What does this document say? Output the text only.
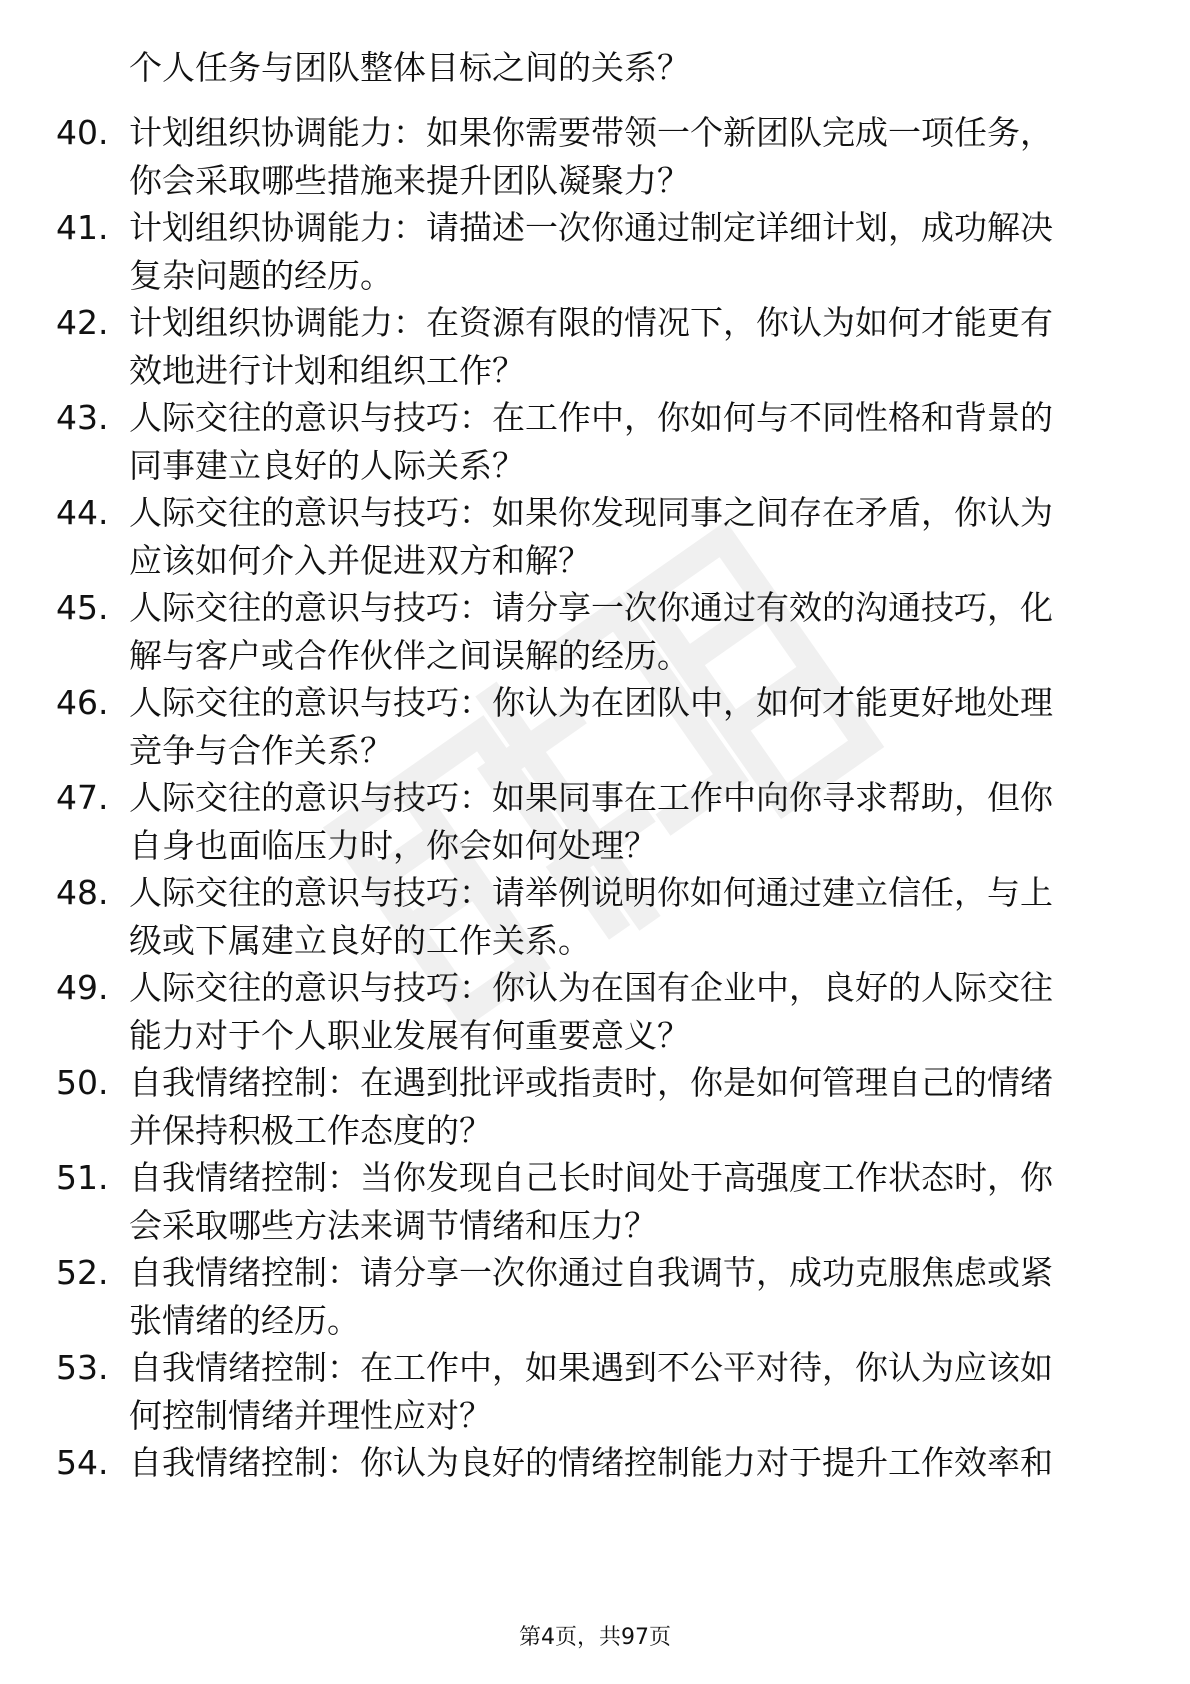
个人任务与团队整体目标之间的关系？
40. 计划组织协调能力：如果你需要带领一个新团队完成一项任务，
你会采取哪些措施来提升团队凝聚力？
41. 计划组织协调能力：请描述一次你通过制定详细计划，成功解决
复杂问题的经历。
42. 计划组织协调能力：在资源有限的情况下，你认为如何才能更有
效地进行计划和组织工作？
43. 人际交往的意识与技巧：在工作中，你如何与不同性格和背景的
同事建立良好的人际关系？
44. 人际交往的意识与技巧：如果你发现同事之间存在矛盾，你认为
应该如何介入并促进双方和解？
45. 人际交往的意识与技巧：请分享一次你通过有效的沟通技巧，化
解与客户或合作伙伴之间误解的经历。
46. 人际交往的意识与技巧：你认为在团队中，如何才能更好地处理
竞争与合作关系？
47. 人际交往的意识与技巧：如果同事在工作中向你寻求帮助，但你
自身也面临压力时，你会如何处理？
48. 人际交往的意识与技巧：请举例说明你如何通过建立信任，与上
级或下属建立良好的工作关系。
49. 人际交往的意识与技巧：你认为在国有企业中，良好的人际交往
能力对于个人职业发展有何重要意义？
50. 自我情绪控制：在遇到批评或指责时，你是如何管理自己的情绪
并保持积极工作态度的？
51. 自我情绪控制：当你发现自己长时间处于高强度工作状态时，你
会采取哪些方法来调节情绪和压力？
52. 自我情绪控制：请分享一次你通过自我调节，成功克服焦虑或紧
张情绪的经历。
53. 自我情绪控制：在工作中，如果遇到不公平对待，你认为应该如
何控制情绪并理性应对？
54. 自我情绪控制：你认为良好的情绪控制能力对于提升工作效率和
第4页，共97页
